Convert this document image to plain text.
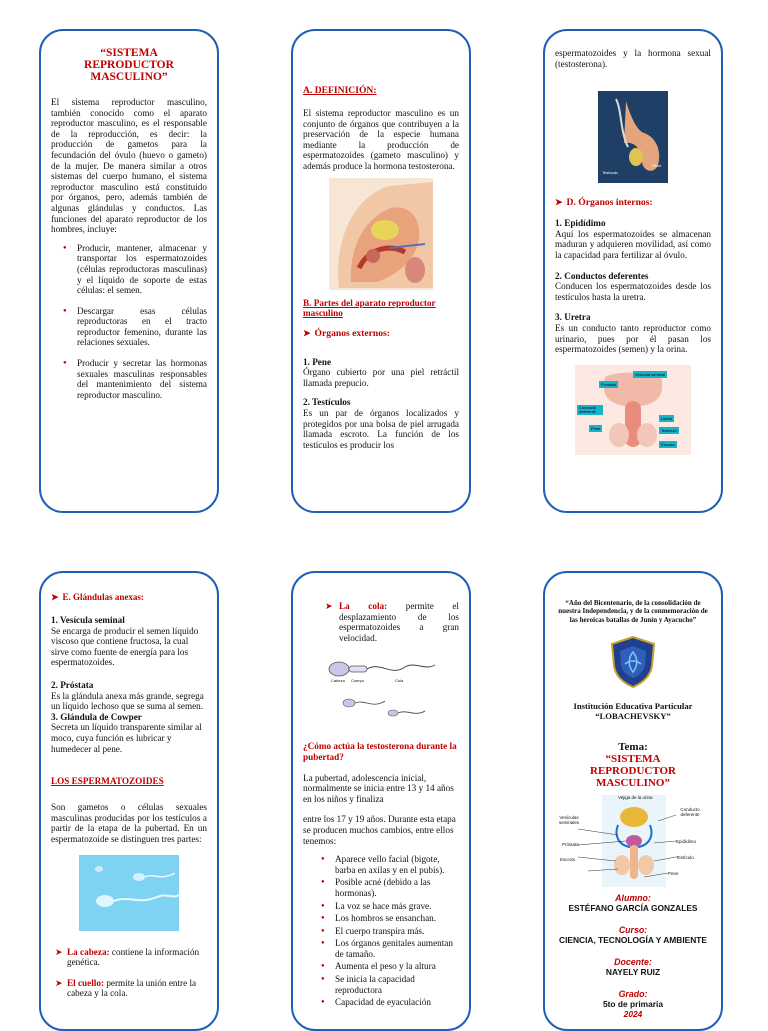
“SISTEMA REPRODUCTOR MASCULINO”

El sistema reproductor masculino, también conocido como el aparato reproductor masculino, es el responsable de la reproducción, es decir: la producción de gametos para la fecundación del óvulo (huevo o gameto) de la mujer. De manera similar a otros sistemas del cuerpo humano, el sistema reproductor masculino está constituido por órganos, pero, además también de algunas glándulas y conductos. Las funciones del aparato reproductor de los hombres, incluye:

● Producir, mantener, almacenar y transportar los espermatozoides (células reproductoras masculinas) y el líquido de soporte de estas células: el semen.
● Descargar esas células reproductoras en el tracto reproductor femenino, durante las relaciones sexuales.
● Producir y secretar las hormonas sexuales masculinas responsables del mantenimiento del sistema reproductor masculino.
A. DEFINICIÓN:

El sistema reproductor masculino es un conjunto de órganos que contribuyen a la preservación de la especie humana mediante la producción de espermatozoides (gameto masculino) y además produce la hormona testosterona.

B. Partes del aparato reproductor masculino
➤ Órganos externos:

1. Pene

Órgano cubierto por una piel retráctil llamada prepucio.

2. Testículos

Es un par de órganos localizados y protegidos por una bolsa de piel arrugada llamada escroto. La función de los testículos es producir los

espermatozoides y la hormona sexual (testosterona).

Testículo
Pene
➤ D. Órganos internos:

1. Epidídimo

Aquí los espermatozoides se almacenan maduran y adquieren movilidad, así como la capacidad para fertilizar al óvulo.

2. Conductos deferentes

Conducen los espermatozoides desde los testículos hasta la uretra.

3. Uretra

Es un conducto tanto reproductor como urinario, pues por él pasan los espermatozoides (semen) y la orina.

Vesícula seminal
Próstata
Conducto deferente
Uretra
Pene	Testículo
Escroto
➤ E. Glándulas anexas:

1. Vesícula seminal

Se encarga de producir el semen líquido viscoso que contiene fructosa, la cual sirve como fuente de energía para los espermatozoides.

2. Próstata

Es la glándula anexa más grande, segrega un líquido lechoso que se suma al semen.

3. Glándula de Cowper

Secreta un líquido transparente similar al moco, cuya función es lubricar y humedecer al pene.

LOS ESPERMATOZOIDES

Son gametos o células sexuales masculinas producidas por los testículos a partir de la etapa de la pubertad. En un espermatozoide se distinguen tres partes:

➤ La cabeza: contiene la información genética.
➤ El cuello: permite la unión entre la cabeza y la cola.
➤ La cola: permite el desplazamiento de los espermatozoides a gran velocidad.
Cabeza Cuerpo	Cola

¿Cómo actúa la testosterona durante la pubertad?

La pubertad, adolescencia inicial, normalmente se inicia entre 13 y 14 años en los niños y finaliza

entre los 17 y 19 años. Durante esta etapa se producen muchos cambios, entre ellos tenemos:

● Aparece vello facial (bigote, barba en axilas y en el pubis).
● Posible acné (debido a las hormonas).
● La voz se hace más grave.
● Los hombros se ensanchan.
● El cuerpo transpira más.
● Los órganos genitales aumentan de tamaño.
● Aumenta el peso y la altura
● Se inicia la capacidad reproductora
● Capacidad de eyaculación

“Año del Bicentenario, de la consolidación de nuestra Independencia, y de la conmemoración de las heroicas batallas de Junín y Ayacucho”

Institución Educativa Particular

“LOBACHEVSKY”

Tema:

“SISTEMA REPRODUCTOR MASCULINO”

Vejiga de la orina
Vesículas seminales
Conducto deferente
Próstata
Epidídimo
Escroto	Testículo
Pene

Alumno:

ESTÉFANO GARCÍA GONZALES

Curso:

CIENCIA, TECNOLOGÍA Y AMBIENTE

Docente:

NAYELY RUIZ

Grado:

5to de primaria

2024
